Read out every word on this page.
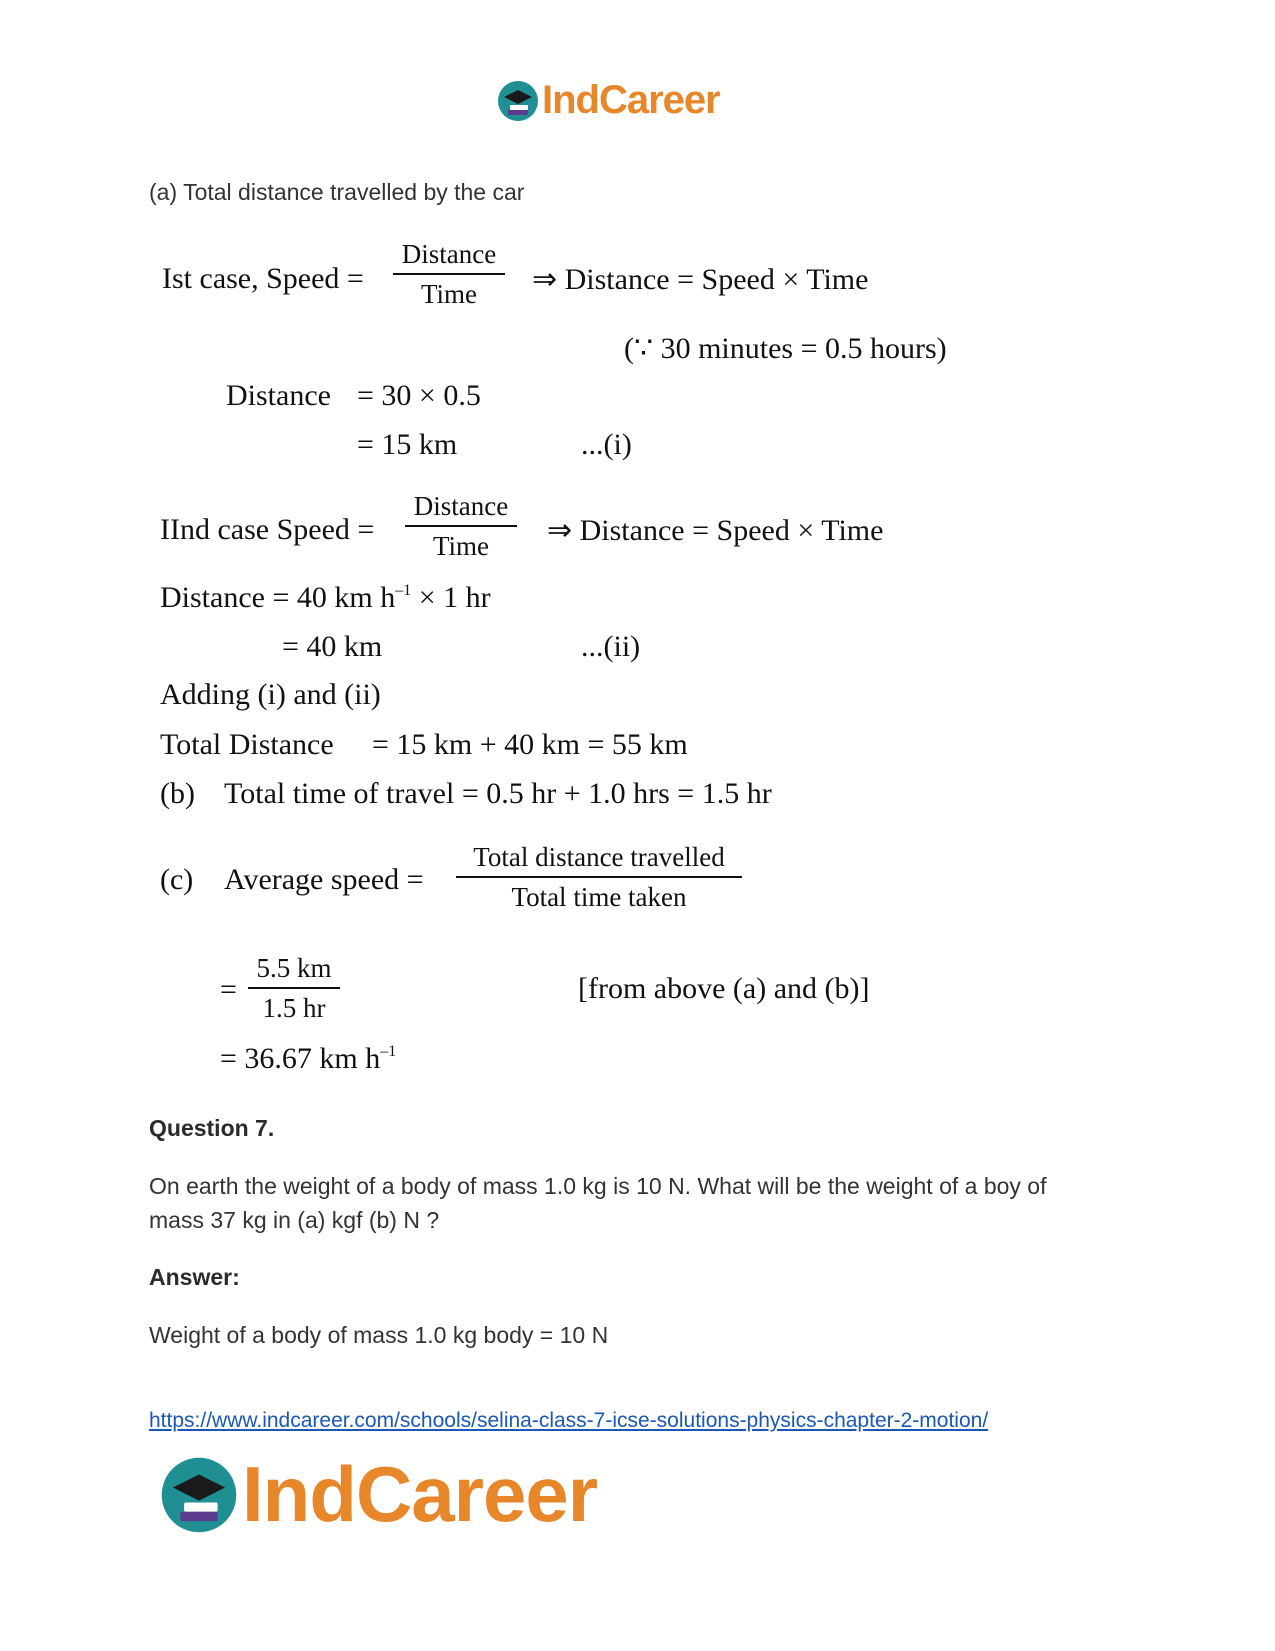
IndCareer
(a) Total distance travelled by the car
Ist case, Speed =
Distance
Time	⇒ Distance = Speed × Time
(∵ 30 minutes = 0.5 hours)
Distance = 30 × 0.5
= 15 km	...(i)
IInd case Speed =
Distance
Time	⇒ Distance = Speed × Time
Distance = 40 km $h^{-1} \times 1$ hr
= 40 km	...(ii)
Adding (i) and (ii)
Total Distance = 15 km + 40 km = 55 km
(b) Total time of travel = 0.5 hr + 1.0 hrs = 1.5 hr
(c) Average speed =
Total distance travelled
Total time taken
=
5.5 km
1.5 hr
[from above (a) and (b)]
= 36.67 km $h^{-1}$
Question 7.
On earth the weight of a body of mass 1.0 kg is 10 N. What will be the weight of a boy of
mass 37 kg in (a) kgf (b) N ?
Answer:
Weight of a body of mass 1.0 kg body = 10 N
https://www.indcareer.com/schools/selina-class-7-icse-solutions-physics-chapter-2-motion/
IndCareer
